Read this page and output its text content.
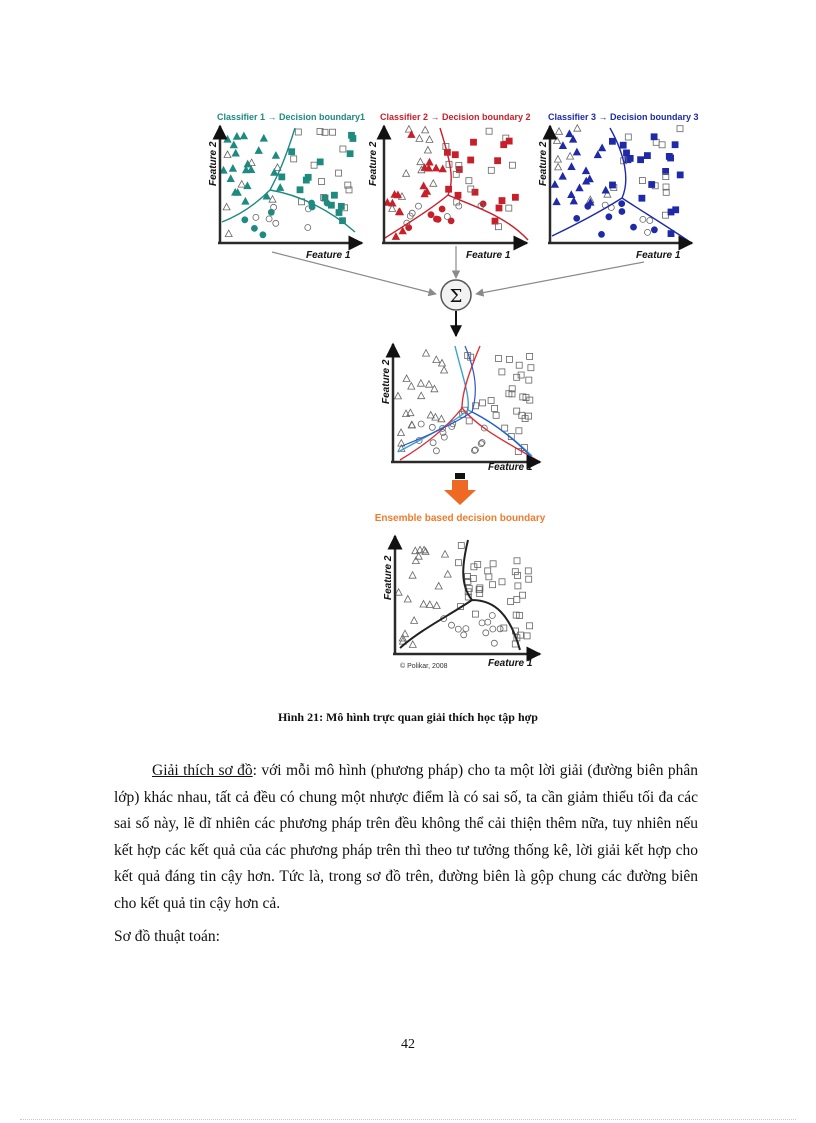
Classifier 1 → Decision boundary1
Feature 2
Classifier 2 → Decision boundary 2
Feature 2
Feature 1
Classifier 3 → Decision boundary 3
Feature 2
Feature 1
Feature 1
Σ
Feature 2
Feature 1
Ensemble based decision boundary
Feature 2
Feature 1
© Polikar, 2008
Hình 21: Mô hình trực quan giải thích học tập hợp

Giải thích sơ đồ: với mỗi mô hình (phương pháp) cho ta một lời giải (đường biên phân lớp) khác nhau, tất cả đều có chung một nhược điểm là có sai số, ta cần giảm thiểu tối đa các sai số này, lẽ dĩ nhiên các phương pháp trên đều không thể cải thiện thêm nữa, tuy nhiên nếu kết hợp các kết quả của các phương pháp trên thì theo tư tưởng thống kê, lời giải kết hợp cho kết quả đáng tin cậy hơn. Tức là, trong sơ đồ trên, đường biên là gộp chung các đường biên cho kết quả tin cậy hơn cả.

Sơ đồ thuật toán:

42
